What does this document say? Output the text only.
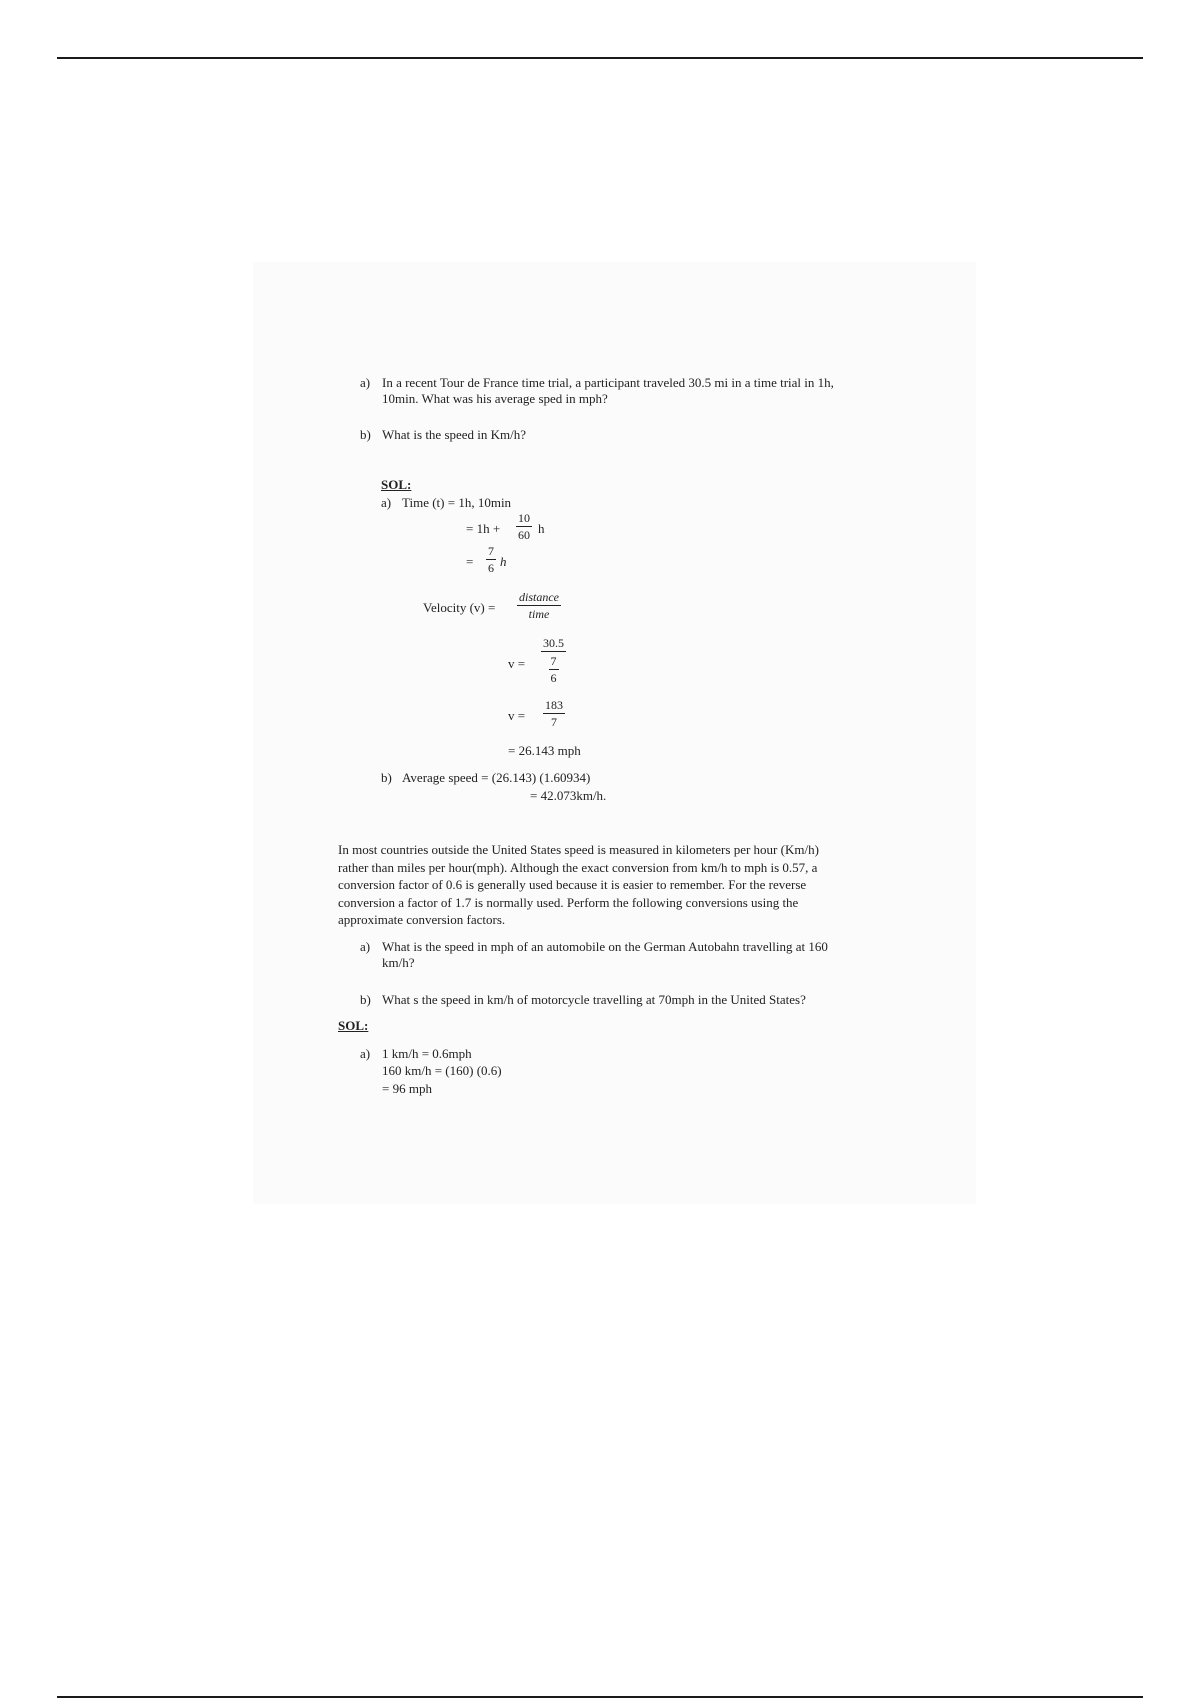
a) In a recent Tour de France time trial, a participant traveled 30.5 mi in a time trial in 1h,
10min. What was his average sped in mph?
b) What is the speed in Km/h?
SOL:
a) Time (t) = 1h, 10min
= $1h + \frac{10}{60}$ h
= $\frac{7}{6}$ h
Velocity (v) =
distance
time
$v = \frac{30.5}{\frac{7}{6}}$
$v = \frac{183}{7}$
= 26.143 mph
b) Average speed = (26.143) (1.60934)
= 42.073km/h.
In most countries outside the United States speed is measured in kilometers per hour (Km/h)
rather than miles per hour(mph). Although the exact conversion from km/h to mph is 0.57, a
conversion factor of 0.6 is generally used because it is easier to remember. For the reverse
conversion a factor of 1.7 is normally used. Perform the following conversions using the
approximate conversion factors.
a) What is the speed in mph of an automobile on the German Autobahn travelling at 160
km/h?
b) What s the speed in km/h of motorcycle travelling at 70mph in the United States?
SOL:
a) 1 km/h = 0.6mph
160 km/h = (160) (0.6)
= 96 mph
